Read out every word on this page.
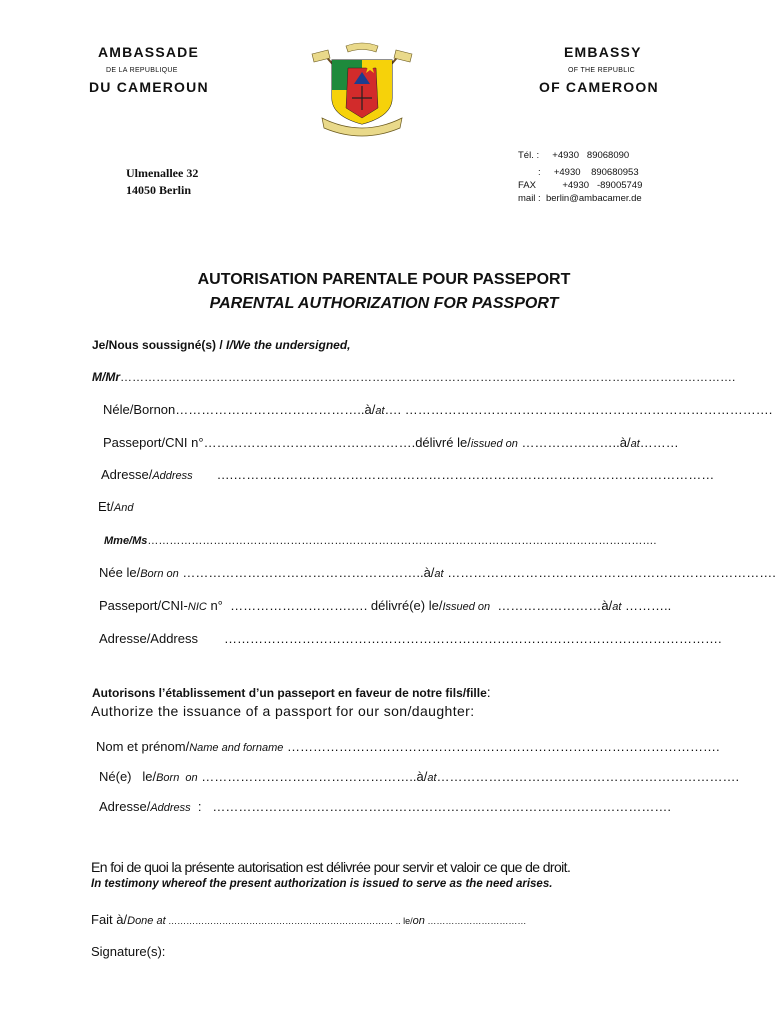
AMBASSADE
DE LA REPUBLIQUE
DU CAMEROUN
EMBASSY
OF THE REPUBLIC
OF CAMEROON
Ulmenallee 32
14050 Berlin
Tél. :     +4930   89068090
:     +4930    890680953
FAX          +4930   -89005749
mail :  berlin@ambacamer.de
AUTORISATION PARENTALE POUR PASSEPORT
PARENTAL AUTHORIZATION FOR PASSPORT
Je/Nous soussigné(s) / I/We the undersigned,
M/Mr……………………………………………………………………………………………………………………………………….
Néle/Bornon……………………………………..à/at…. ………………………………………………………………………….
Passeport/CNI n°………………………………………….délivré le/issued on …………………..à/at………
Adresse/Address ….…………………………………………………………………………………………………
Et/And
Mme/Ms………………………………………………………………………………………………………………………….
Née le/Born on ………………………………………………..à/at ………………………………………………………………….
Passeport/CNI-NIC n°  ……………………….…. délivré(e) le/Issued on  ……………………à/at ………..
Adresse/Address …………………………………………………………………………………………………….
Autorisons l’établissement d’un passeport en faveur de notre fils/fille:
Authorize the issuance of a passport for our son/daughter:
Nom et prénom/Name and forname ……………………………………………………………………………………….
Né(e)   le/Born  on …………………………………………..à/at…………………………………………………………….
Adresse/Address  :   …………………………………………………………………………………………….
En foi de quoi la présente autorisation est délivrée pour servir et valoir ce que de droit.
In testimony whereof the present authorization is issued to serve as the need arises.
Fait à/Done at ………………………………………………………………… .. le/on ……………………………
Signature(s):
